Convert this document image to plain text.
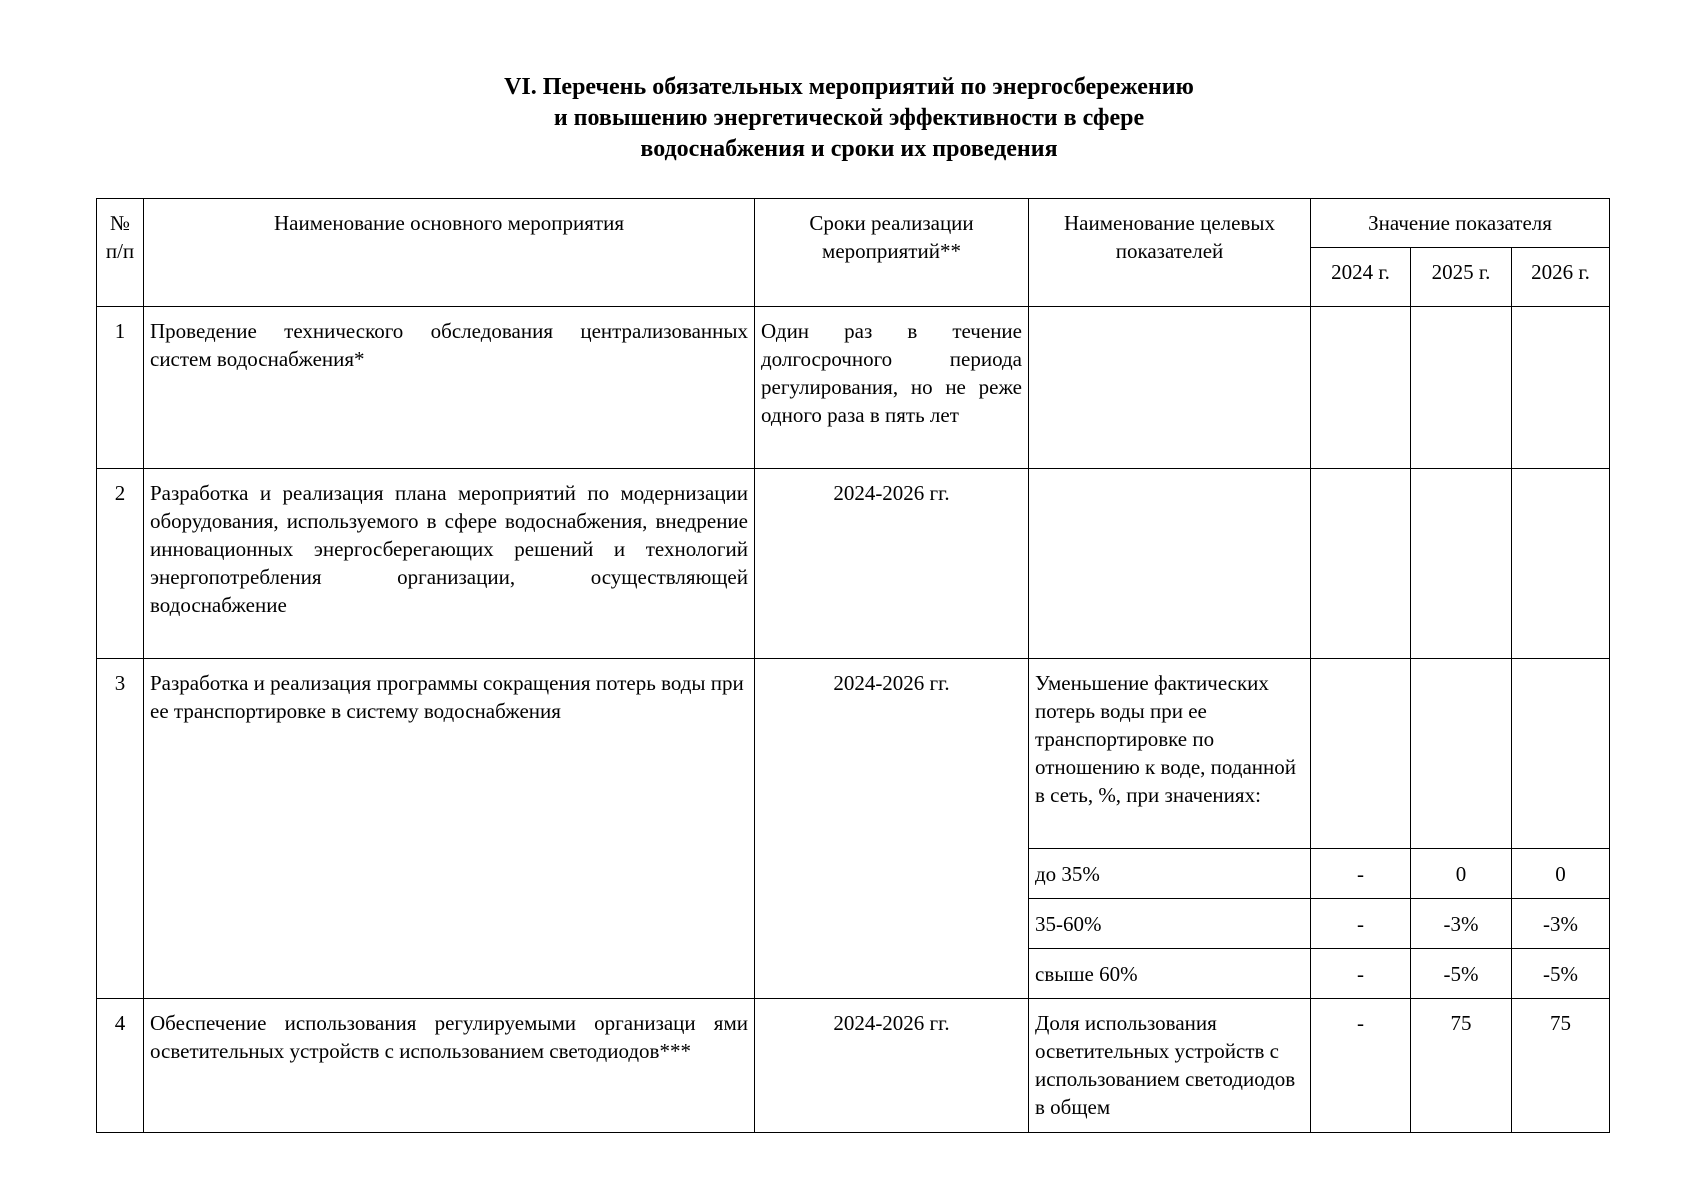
VI. Перечень обязательных мероприятий по энергосбережению
и повышению энергетической эффективности в сфере
водоснабжения и сроки их проведения
№ п/п	Наименование основного мероприятия	Сроки реализации мероприятий**	Наименование целевых показателей	Значение показателя		
				2024 г.	2025 г.	2026 г.
1	Проведение технического обследования централизованных систем водоснабжения*	Один раз в течение долгосрочного периода регулирования, но не реже одного раза в пять лет				
2	Разработка и реализация плана мероприятий по модернизации оборудования, используемого в сфере водоснабжения, внедрение инновационных энергосберегающих решений и технологий энергопотребления организации, осуществляющей водоснабжение	2024-2026 гг.				
3	Разработка и реализация программы сокращения потерь воды при ее транспортировке в систему водоснабжения	2024-2026 гг.	Уменьшение фактических потерь воды при ее транспортировке по отношению к воде, поданной в сеть, %, при значениях:			
			до 35%	-	0	0
			35-60%	-	-3%	-3%
			свыше 60%	-	-5%	-5%
4	Обеспечение использования регулируемыми организаци ями осветительных устройств с использованием светодиодов***	2024-2026 гг.	Доля использования осветительных устройств с использованием светодиодов в общем	-	75	75
